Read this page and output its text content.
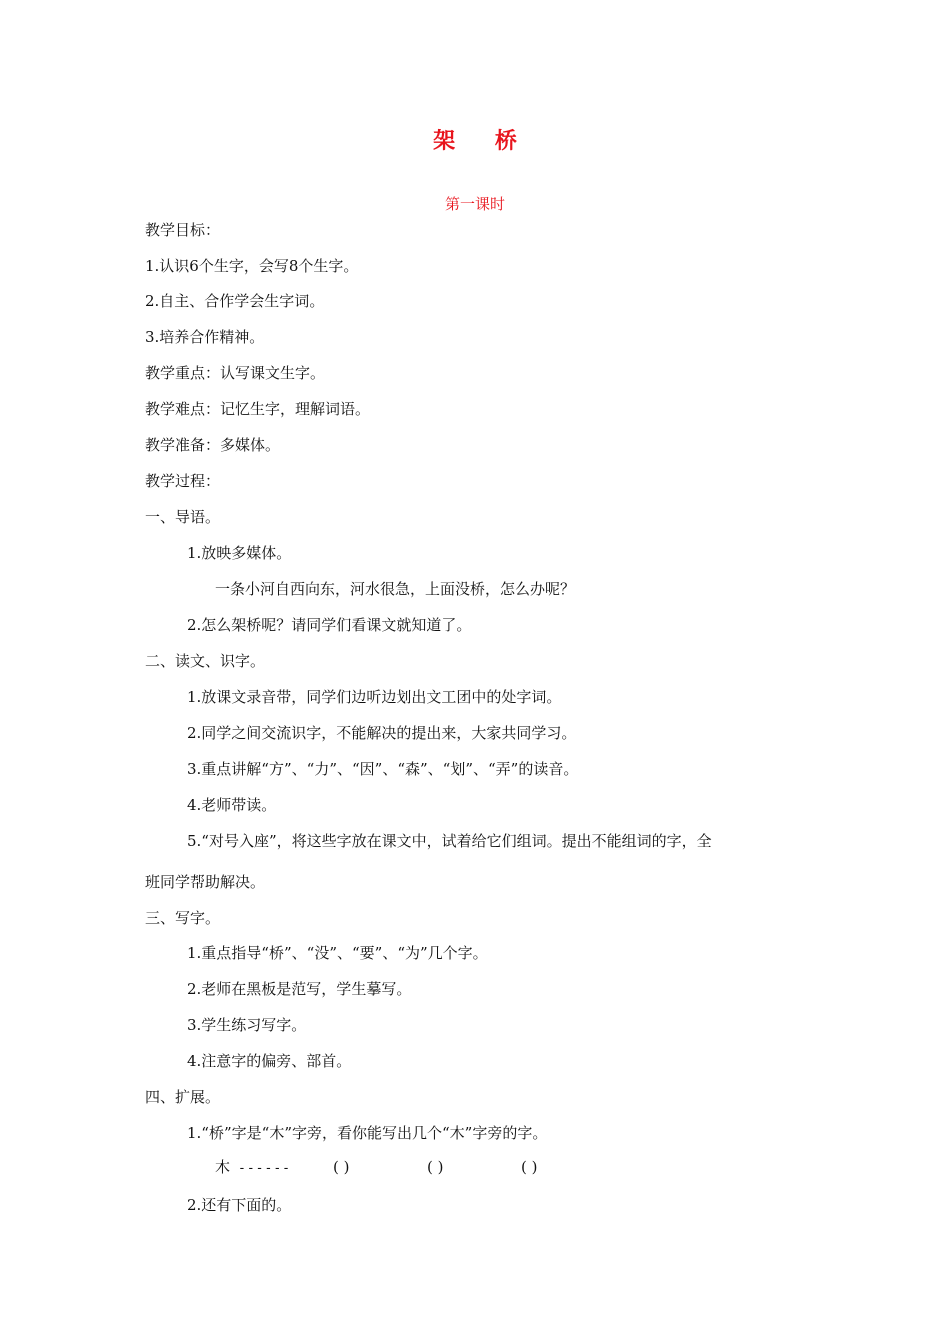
架 桥
第一课时
教学目标：
1.认识6个生字，会写8个生字。
2.自主、合作学会生字词。
3.培养合作精神。
教学重点：认写课文生字。
教学难点：记忆生字，理解词语。
教学准备：多媒体。
教学过程：
一、导语。
1.放映多媒体。
一条小河自西向东，河水很急，上面没桥，怎么办呢？
2.怎么架桥呢？请同学们看课文就知道了。
二、读文、识字。
1.放课文录音带，同学们边听边划出文工团中的处字词。
2.同学之间交流识字，不能解决的提出来，大家共同学习。
3.重点讲解“方”、“力”、“因”、“森”、“划”、“弄”的读音。
4.老师带读。
5.“对号入座”，将这些字放在课文中，试着给它们组词。提出不能组词的字，全
班同学帮助解决。
三、写字。
1.重点指导“桥”、“没”、“要”、“为”几个字。
2.老师在黑板是范写，学生摹写。
3.学生练习写字。
4.注意字的偏旁、部首。
四、扩展。
1.“桥”字是“木”字旁，看你能写出几个“木”字旁的字。
木 ------	( )	( )	( )
2.还有下面的。
